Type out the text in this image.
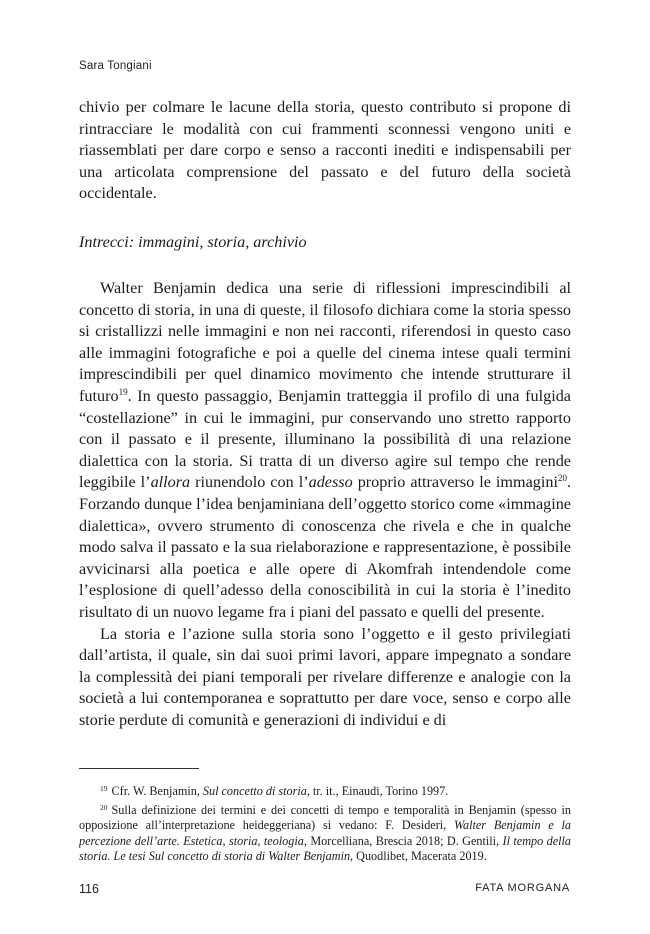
Sara Tongiani

chivio per colmare le lacune della storia, questo contributo si propone di rintracciare le modalità con cui frammenti sconnessi vengono uniti e riassemblati per dare corpo e senso a racconti inediti e indispensabili per una articolata comprensione del passato e del futuro della società occidentale.

Intrecci: immagini, storia, archivio

Walter Benjamin dedica una serie di riflessioni imprescindibili al concetto di storia, in una di queste, il filosofo dichiara come la storia spesso si cristallizzi nelle immagini e non nei racconti, riferendosi in questo caso alle immagini fotografiche e poi a quelle del cinema intese quali termini imprescindibili per quel dinamico movimento che intende strutturare il futuro$^{19}$. In questo passaggio, Benjamin tratteggia il profilo di una fulgida “costellazione” in cui le immagini, pur conservando uno stretto rapporto con il passato e il presente, illuminano la possibilità di una relazione dialettica con la storia. Si tratta di un diverso agire sul tempo che rende leggibile l’allora riunendolo con l’adesso proprio attraverso le immagini$^{20}$. Forzando dunque l’idea benjaminiana dell’oggetto storico come «immagine dialettica», ovvero strumento di conoscenza che rivela e che in qualche modo salva il passato e la sua rielaborazione e rappresentazione, è possibile avvicinarsi alla poetica e alle opere di Akomfrah intendendole come l’esplosione di quell’adesso della conoscibilità in cui la storia è l’inedito risultato di un nuovo legame fra i piani del passato e quelli del presente.

La storia e l’azione sulla storia sono l’oggetto e il gesto privilegiati dall’artista, il quale, sin dai suoi primi lavori, appare impegnato a sondare la complessità dei piani temporali per rivelare differenze e analogie con la società a lui contemporanea e soprattutto per dare voce, senso e corpo alle storie perdute di comunità e generazioni di individui e di

$^{19}$ Cfr. W. Benjamin, Sul concetto di storia, tr. it., Einaudi, Torino 1997.

$^{20}$ Sulla definizione dei termini e dei concetti di tempo e temporalità in Benjamin (spesso in opposizione all’interpretazione heideggeriana) si vedano: F. Desideri, Walter Benjamin e la percezione dell’arte. Estetica, storia, teologia, Morcelliana, Brescia 2018; D. Gentili, Il tempo della storia. Le tesi Sul concetto di storia di Walter Benjamin, Quodlibet, Macerata 2019.

116	FATA MORGANA
